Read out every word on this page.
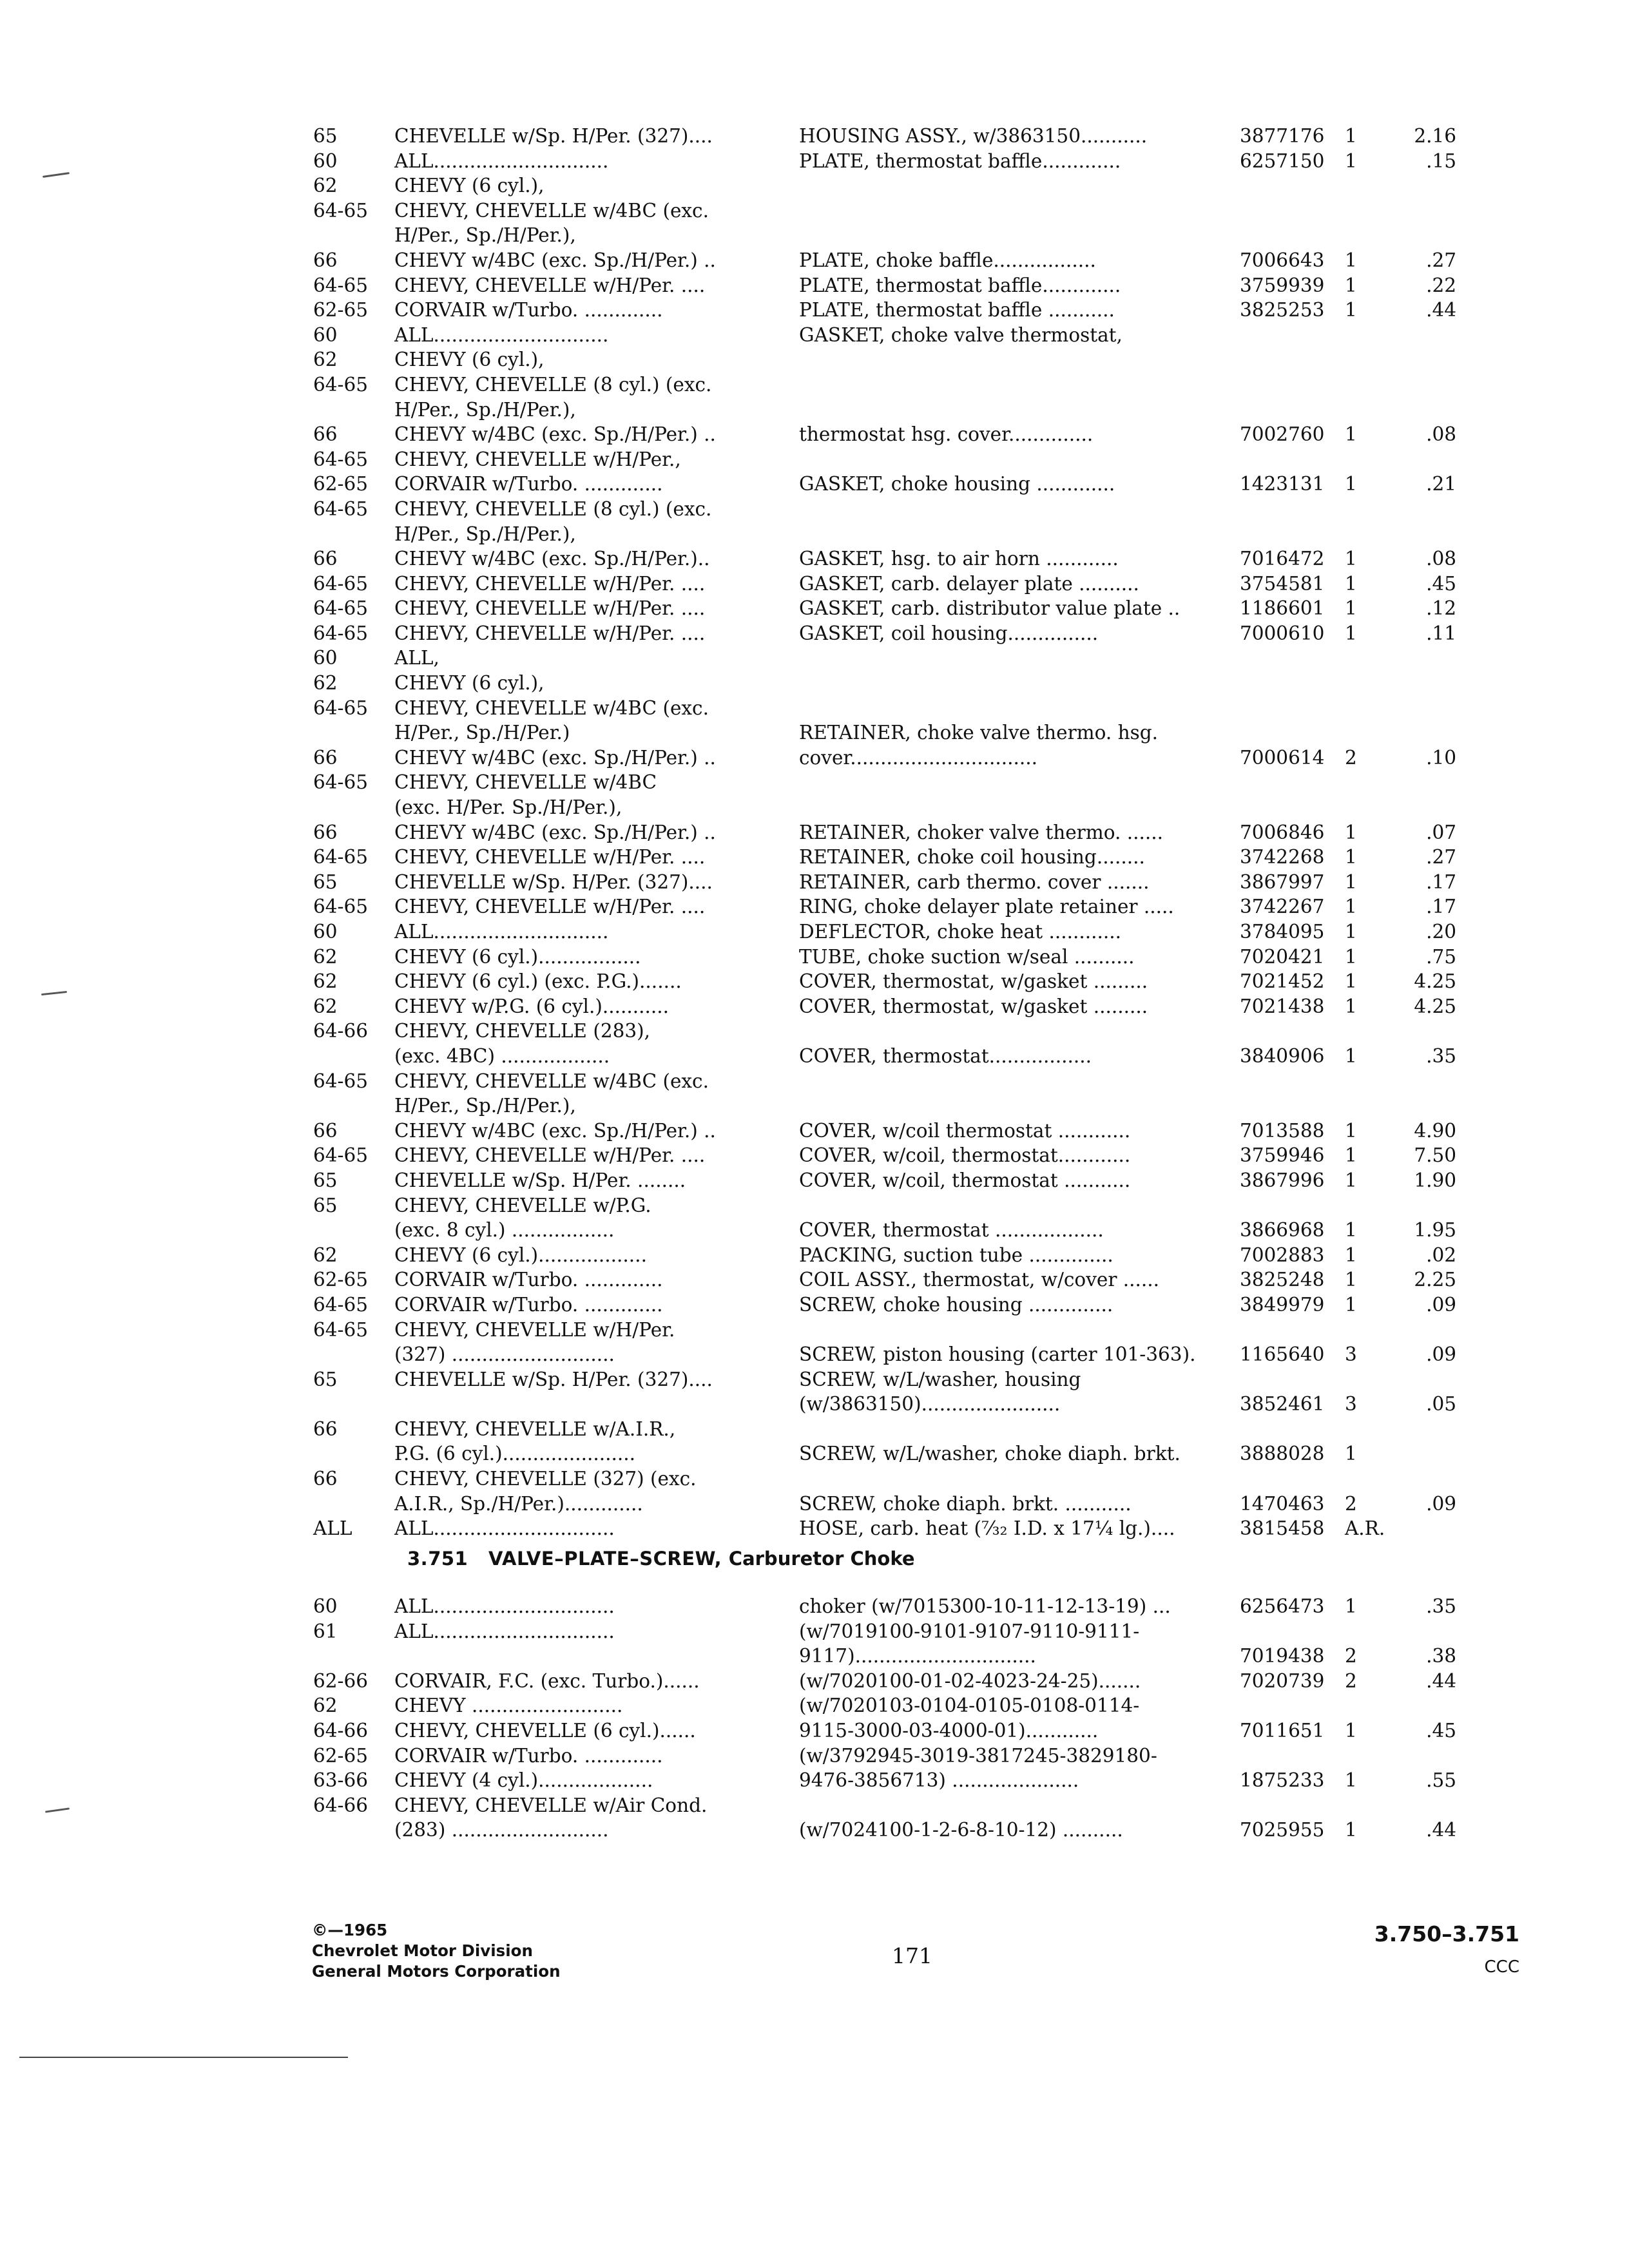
65	CHEVELLE w/Sp. H/Per. (327)....	HOUSING ASSY., w/3863150...........	3877176 1	2.16
60	ALL.............................	PLATE, thermostat baffle.............	6257150 1	.15
62	CHEVY (6 cyl.),
64-65 CHEVY, CHEVELLE w/4BC (exc.
H/Per., Sp./H/Per.),
66	CHEVY w/4BC (exc. Sp./H/Per.) ..	PLATE, choke baffle.................	7006643 1	.27
64-65 CHEVY, CHEVELLE w/H/Per. ....	PLATE, thermostat baffle.............	3759939 1	.22
62-65 CORVAIR w/Turbo. .............	PLATE, thermostat baffle ...........	3825253 1	.44
60	ALL.............................	GASKET, choke valve thermostat,
62	CHEVY (6 cyl.),
64-65 CHEVY, CHEVELLE (8 cyl.) (exc.
H/Per., Sp./H/Per.),
66	CHEVY w/4BC (exc. Sp./H/Per.) ..	thermostat hsg. cover..............	7002760 1	.08
64-65 CHEVY, CHEVELLE w/H/Per.,
62-65 CORVAIR w/Turbo. .............	GASKET, choke housing .............	1423131 1	.21
64-65 CHEVY, CHEVELLE (8 cyl.) (exc.
H/Per., Sp./H/Per.),
66	CHEVY w/4BC (exc. Sp./H/Per.)..	GASKET, hsg. to air horn ............	7016472 1	.08
64-65 CHEVY, CHEVELLE w/H/Per. ....	GASKET, carb. delayer plate ..........	3754581 1	.45
64-65 CHEVY, CHEVELLE w/H/Per. ....	GASKET, carb. distributor value plate ..	1186601 1	.12
64-65 CHEVY, CHEVELLE w/H/Per. ....	GASKET, coil housing...............	7000610 1	.11
60	ALL,
62	CHEVY (6 cyl.),
64-65 CHEVY, CHEVELLE w/4BC (exc.
H/Per., Sp./H/Per.)	RETAINER, choke valve thermo. hsg.
66	CHEVY w/4BC (exc. Sp./H/Per.) ..	cover...............................	7000614 2	.10
64-65 CHEVY, CHEVELLE w/4BC
(exc. H/Per. Sp./H/Per.),
66	CHEVY w/4BC (exc. Sp./H/Per.) ..	RETAINER, choker valve thermo. ......	7006846 1	.07
64-65 CHEVY, CHEVELLE w/H/Per. ....	RETAINER, choke coil housing........	3742268 1	.27
65	CHEVELLE w/Sp. H/Per. (327)....	RETAINER, carb thermo. cover .......	3867997 1	.17
64-65 CHEVY, CHEVELLE w/H/Per. ....	RING, choke delayer plate retainer .....	3742267 1	.17
60	ALL.............................	DEFLECTOR, choke heat ............	3784095 1	.20
62	CHEVY (6 cyl.).................	TUBE, choke suction w/seal ..........	7020421 1	.75
62	CHEVY (6 cyl.) (exc. P.G.).......	COVER, thermostat, w/gasket .........	7021452 1	4.25
62	CHEVY w/P.G. (6 cyl.)...........	COVER, thermostat, w/gasket .........	7021438 1	4.25
64-66 CHEVY, CHEVELLE (283),
(exc. 4BC) ..................	COVER, thermostat.................	3840906 1	.35
64-65 CHEVY, CHEVELLE w/4BC (exc.
H/Per., Sp./H/Per.),
66	CHEVY w/4BC (exc. Sp./H/Per.) ..	COVER, w/coil thermostat ............	7013588 1	4.90
64-65 CHEVY, CHEVELLE w/H/Per. ....	COVER, w/coil, thermostat............	3759946 1	7.50
65	CHEVELLE w/Sp. H/Per. ........	COVER, w/coil, thermostat ...........	3867996 1	1.90
65	CHEVY, CHEVELLE w/P.G.
(exc. 8 cyl.) .................	COVER, thermostat ..................	3866968 1	1.95
62	CHEVY (6 cyl.)..................	PACKING, suction tube ..............	7002883 1	.02
62-65 CORVAIR w/Turbo. .............	COIL ASSY., thermostat, w/cover ......	3825248 1	2.25
64-65 CORVAIR w/Turbo. .............	SCREW, choke housing ..............	3849979 1	.09
64-65 CHEVY, CHEVELLE w/H/Per.
(327) ...........................	SCREW, piston housing (carter 101-363). 1165640 3	.09
65	CHEVELLE w/Sp. H/Per. (327)....	SCREW, w/L/washer, housing
(w/3863150).......................	3852461 3	.05
66	CHEVY, CHEVELLE w/A.I.R.,
P.G. (6 cyl.)......................	SCREW, w/L/washer, choke diaph. brkt.	3888028 1
66	CHEVY, CHEVELLE (327) (exc.
A.I.R., Sp./H/Per.).............	SCREW, choke diaph. brkt. ...........	1470463 2	.09
ALL ALL..............................	HOSE, carb. heat (⁷⁄₃₂ I.D. x 17¼ lg.)....	3815458 A.R.
3.751 VALVE–PLATE–SCREW, Carburetor Choke
60	ALL..............................	choker (w/7015300-10-11-12-13-19) ...	6256473 1	.35
61	ALL..............................	(w/7019100-9101-9107-9110-9111-
9117)..............................	7019438 2	.38
62-66 CORVAIR, F.C. (exc. Turbo.)......	(w/7020100-01-02-4023-24-25).......	7020739 2	.44
62	CHEVY .........................	(w/7020103-0104-0105-0108-0114-
64-66 CHEVY, CHEVELLE (6 cyl.)......	9115-3000-03-4000-01)............	7011651 1	.45
62-65 CORVAIR w/Turbo. .............	(w/3792945-3019-3817245-3829180-
63-66 CHEVY (4 cyl.)...................	9476-3856713) .....................	1875233 1	.55
64-66 CHEVY, CHEVELLE w/Air Cond.
(283) ..........................	(w/7024100-1-2-6-8-10-12) ..........	7025955 1	.44
©—1965
Chevrolet Motor Division
General Motors Corporation
171
3.750–3.751
CCC
